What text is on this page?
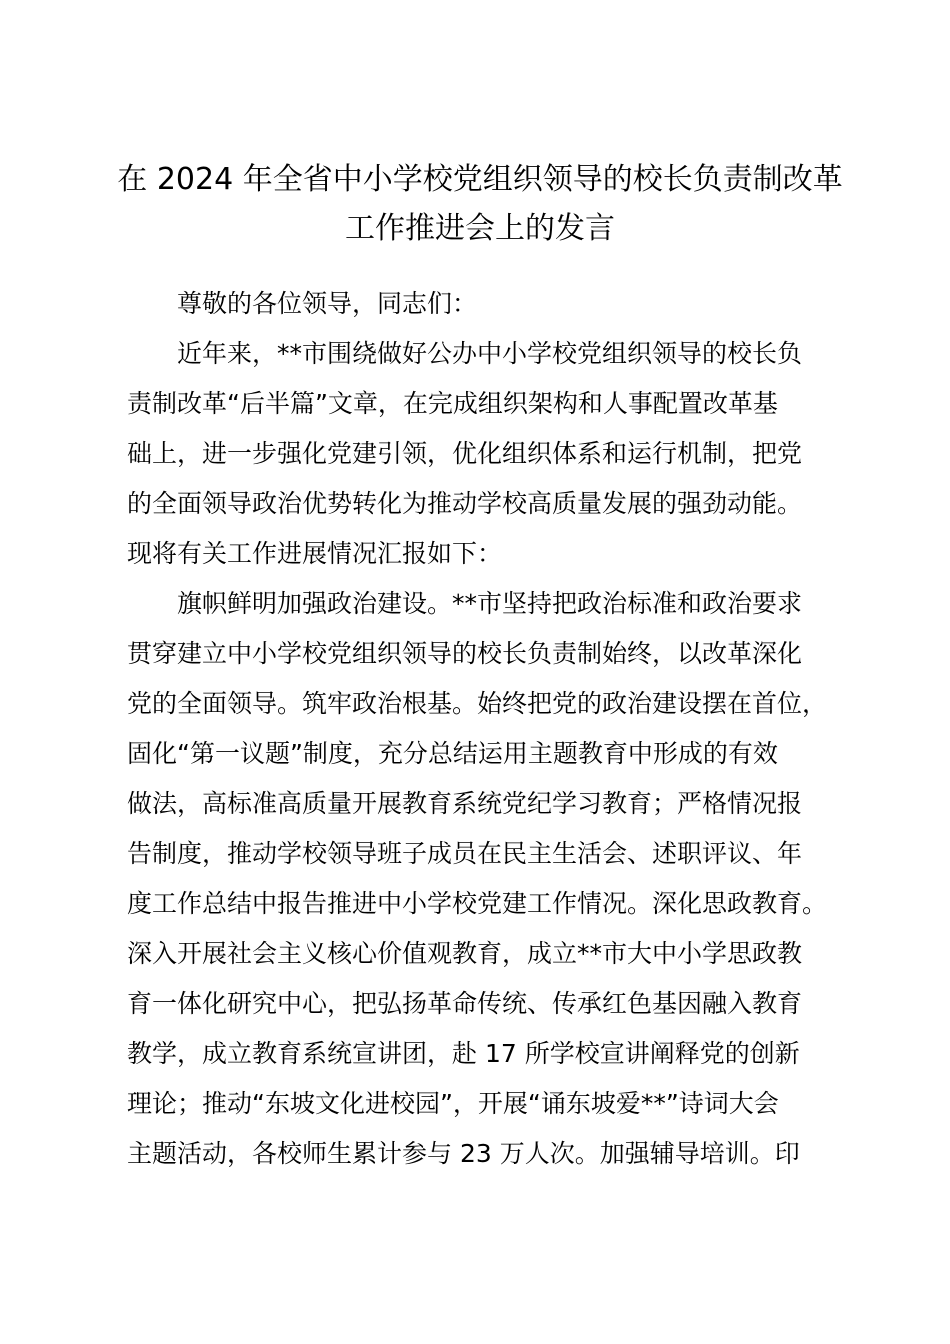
在 2024 年全省中小学校党组织领导的校长负责制改革
工作推进会上的发言
尊敬的各位领导，同志们：
近年来，**市围绕做好公办中小学校党组织领导的校长负
责制改革“后半篇”文章，在完成组织架构和人事配置改革基
础上，进一步强化党建引领，优化组织体系和运行机制，把党
的全面领导政治优势转化为推动学校高质量发展的强劲动能。
现将有关工作进展情况汇报如下：
旗帜鲜明加强政治建设。**市坚持把政治标准和政治要求
贯穿建立中小学校党组织领导的校长负责制始终，以改革深化
党的全面领导。筑牢政治根基。始终把党的政治建设摆在首位，
固化“第一议题”制度，充分总结运用主题教育中形成的有效
做法，高标准高质量开展教育系统党纪学习教育；严格情况报
告制度，推动学校领导班子成员在民主生活会、述职评议、年
度工作总结中报告推进中小学校党建工作情况。深化思政教育。
深入开展社会主义核心价值观教育，成立**市大中小学思政教
育一体化研究中心，把弘扬革命传统、传承红色基因融入教育
教学，成立教育系统宣讲团，赴 17 所学校宣讲阐释党的创新
理论；推动“东坡文化进校园”，开展“诵东坡爱**”诗词大会
主题活动，各校师生累计参与 23 万人次。加强辅导培训。印
